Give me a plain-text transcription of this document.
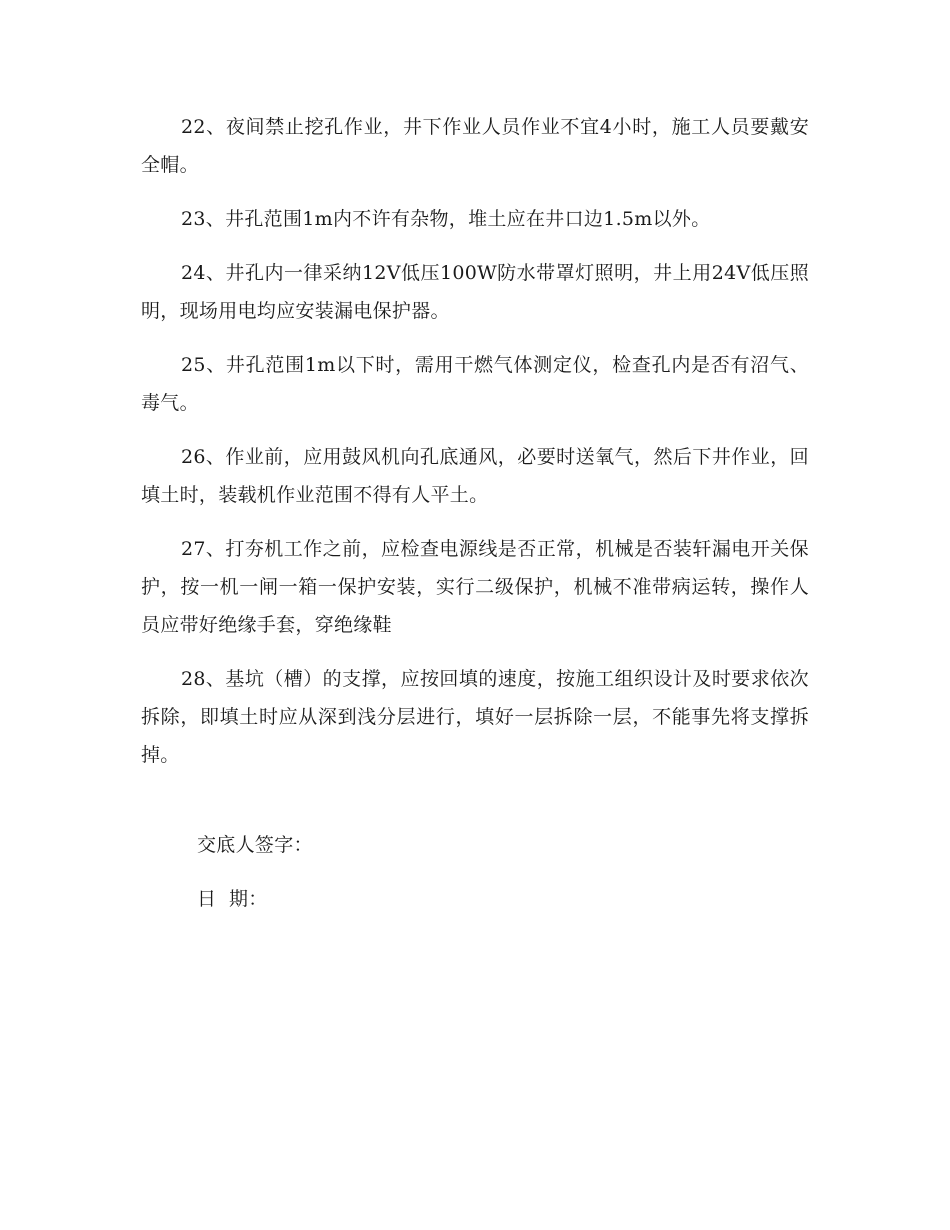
22、夜间禁止挖孔作业，井下作业人员作业不宜4小时，施工人员要戴安全帽。

23、井孔范围1m内不许有杂物，堆土应在井口边1.5m以外。

24、井孔内一律采纳12V低压100W防水带罩灯照明，井上用24V低压照明，现场用电均应安装漏电保护器。

25、井孔范围1m以下时，需用干燃气体测定仪，检查孔内是否有沼气、毒气。

26、作业前，应用鼓风机向孔底通风，必要时送氧气，然后下井作业，回填土时，装载机作业范围不得有人平土。

27、打夯机工作之前，应检查电源线是否正常，机械是否装轩漏电开关保护，按一机一闸一箱一保护安装，实行二级保护，机械不准带病运转，操作人员应带好绝缘手套，穿绝缘鞋

28、基坑（槽）的支撑，应按回填的速度，按施工组织设计及时要求依次拆除，即填土时应从深到浅分层进行，填好一层拆除一层，不能事先将支撑拆掉。

交底人签字：
日  期：
